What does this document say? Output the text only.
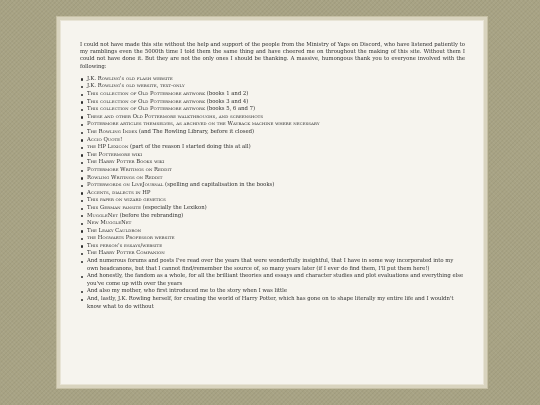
I could not have made this site without the help and support of the people from the Ministry of Yaps on Discord, who have listened patiently to my ramblings even the 5000th time I told them the same thing and have cheered me on throughout the making of this site. Without them I could not have done it. But they are not the only ones I should be thanking. A massive, humongous thank you to everyone involved with the following:

J.K. Rowling's old flash website
J.K. Rowling's old website, text-only
This collection of Old Pottermore artwork (books 1 and 2)
This collection of Old Pottermore artwork (books 3 and 4)
This collection of Old Pottermore artwork (books 5, 6 and 7)
These and other Old Pottermore walkthroughs, and screenshots
Pottermore articles themselves, as archived on the Wayback machine where necessary
The Rowling Index (and The Rowling Library, before it closed)
Accio Quote!
the HP Lexicon (part of the reason I started doing this at all)
The Pottermore wiki
The Harry Potter Books wiki
Pottermore Writings on Reddit
Rowling Writings on Reddit
Potterwords on LiveJournal (spelling and capitalisation in the books)
Accents, dialects in HP
This paper on wizard genetics
This German fansite (especially the Lexikon)
MuggleNet (before the rebranding)
New MuggleNet
The Leaky Cauldron
the Hogwarts Professor website
This person's essays/website
The Harry Potter Companion
And numerous forums and posts I've read over the years that were wonderfully insightful, that I have in some way incorporated into my own headcanons, but that I cannot find/remember the source of, so many years later (if I ever do find them, I'll put them here!)
And honestly, the fandom as a whole, for all the brilliant theories and essays and character studies and plot evaluations and everything else you've come up with over the years
And also my mother, who first introduced me to the story when I was little
And, lastly, J.K. Rowling herself, for creating the world of Harry Potter, which has gone on to shape literally my entire life and I wouldn't know what to do without
